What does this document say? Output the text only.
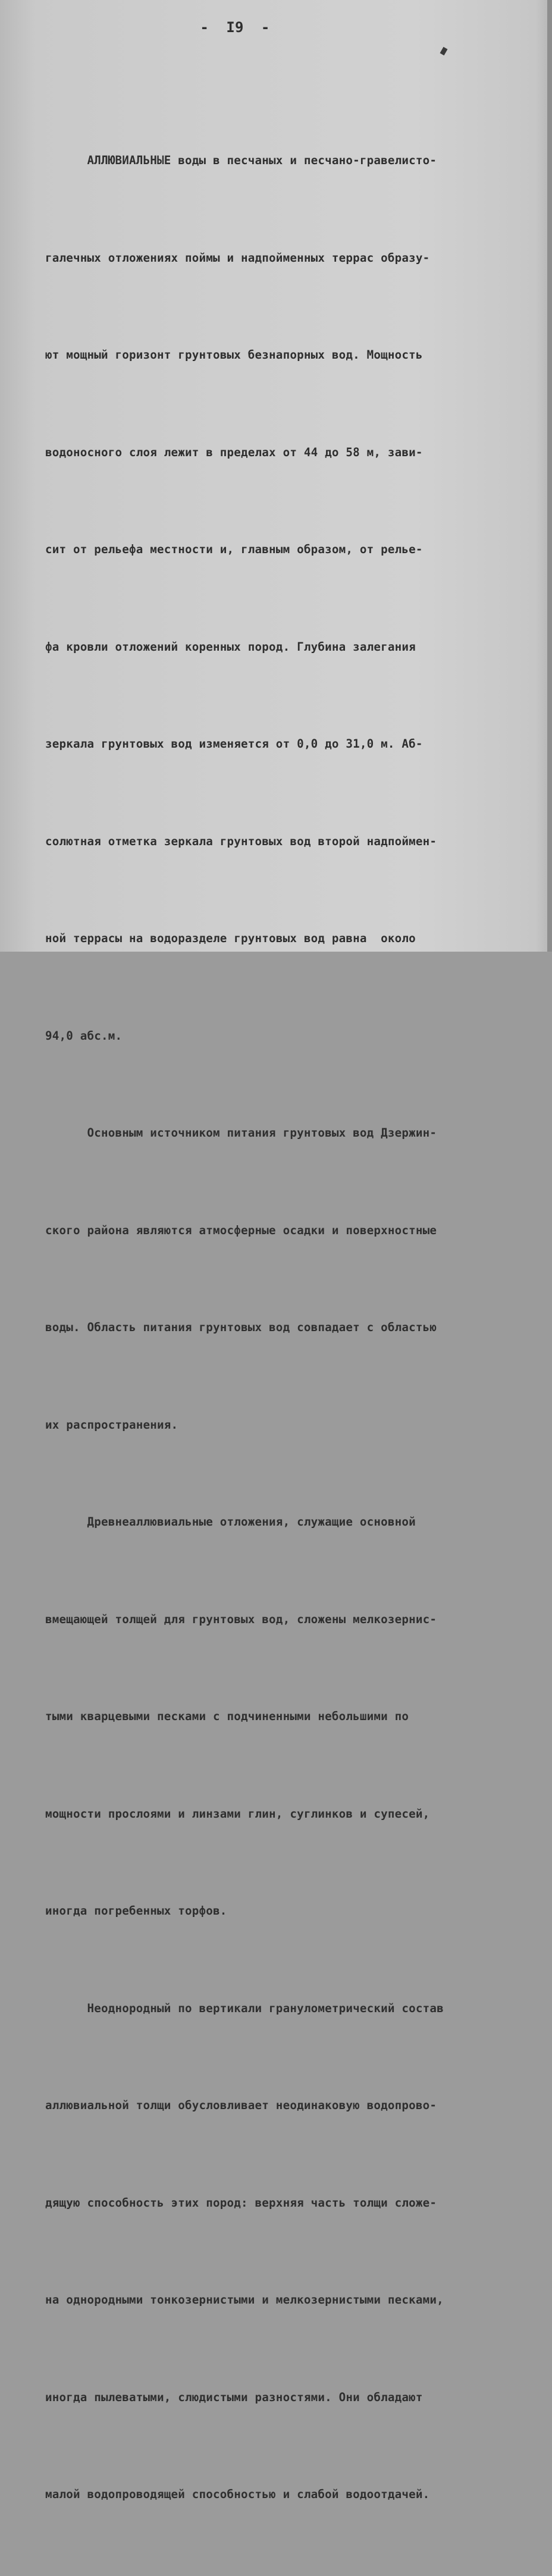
-  I9  -

АЛЛЮВИАЛЬНЫЕ воды в песчаных и песчано-гравелисто-

галечных отложениях поймы и надпойменных террас образу-

ют мощный горизонт грунтовых безнапорных вод. Мощность

водоносного слоя лежит в пределах от 44 до 58 м, зави-

сит от рельефа местности и, главным образом, от релье-

фа кровли отложений коренных пород. Глубина залегания

зеркала грунтовых вод изменяется от 0,0 до 31,0 м. Аб-

солютная отметка зеркала грунтовых вод второй надпоймен-

ной террасы на водоразделе грунтовых вод равна  около

94,0 абс.м.

Основным источником питания грунтовых вод Дзержин-

ского района являются атмосферные осадки и поверхностные

воды. Область питания грунтовых вод совпадает с областью

их распространения.

Древнеаллювиальные отложения, служащие основной

вмещающей толщей для грунтовых вод, сложены мелкозернис-

тыми кварцевыми песками с подчиненными небольшими по

мощности прослоями и линзами глин, суглинков и супесей,

иногда погребенных торфов.

Неоднородный по вертикали гранулометрический состав

аллювиальной толщи обусловливает неодинаковую водопрово-

дящую способность этих пород: верхняя часть толщи сложе-

на однородными тонкозернистыми и мелкозернистыми песками,

иногда пылеватыми, слюдистыми разностями. Они обладают

малой водопроводящей способностью и слабой водоотдачей.
